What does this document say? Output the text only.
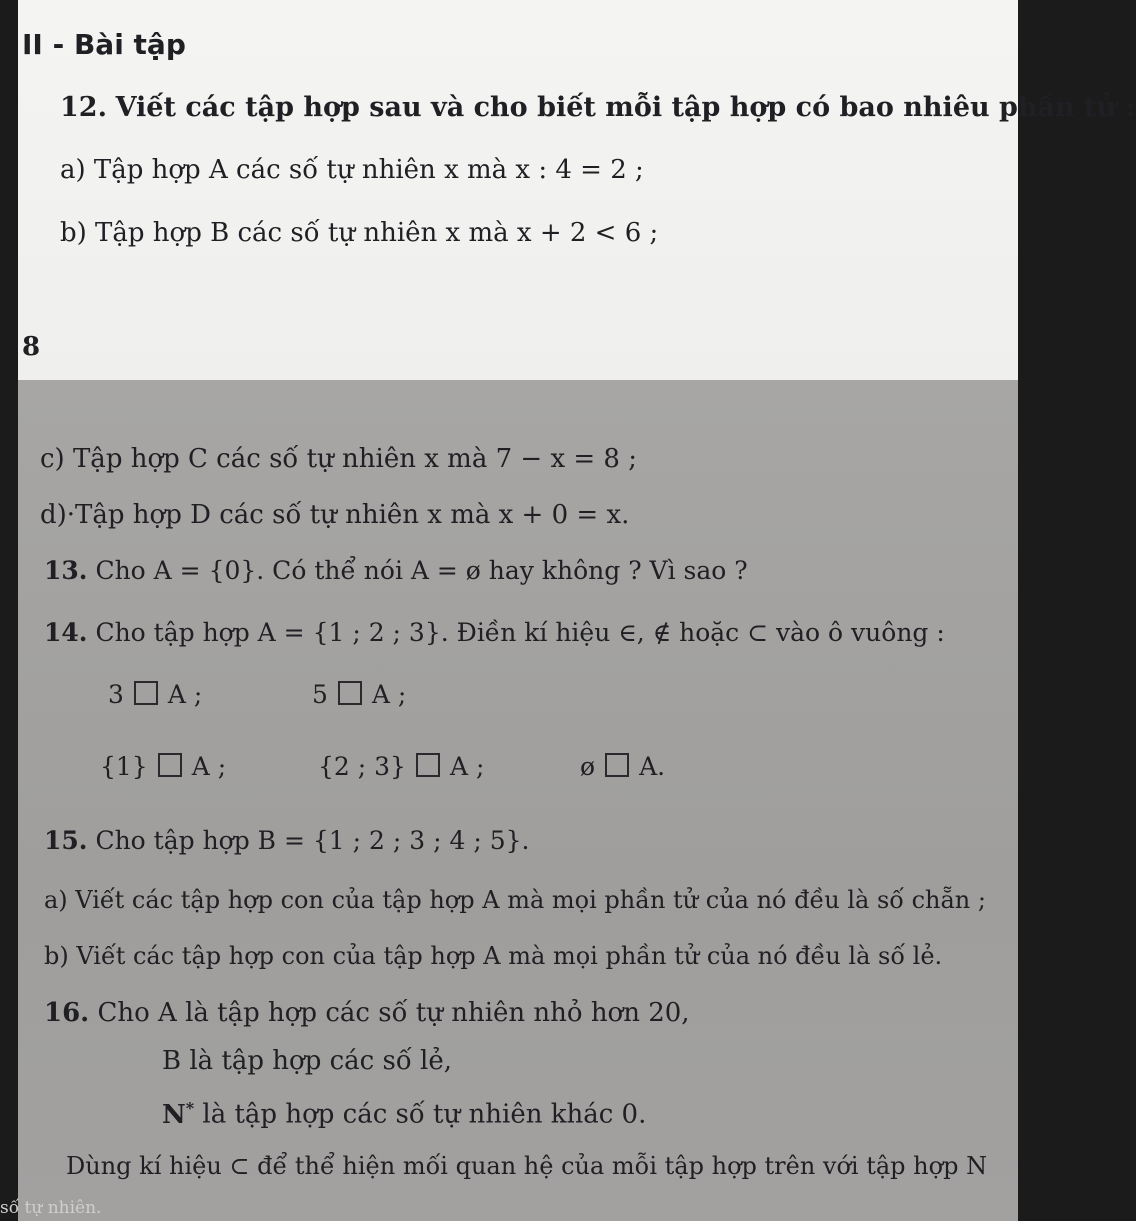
II - Bài tập
12. Viết các tập hợp sau và cho biết mỗi tập hợp có bao nhiêu phần tử :
a) Tập hợp A các số tự nhiên x mà x : 4 = 2 ;
b) Tập hợp B các số tự nhiên x mà x + 2 < 6 ;
8
c) Tập hợp C các số tự nhiên x mà 7 − x = 8 ;
d)·Tập hợp D các số tự nhiên x mà x + 0 = x.
13. Cho A = {0}. Có thể nói A = ø hay không ? Vì sao ?
14. Cho tập hợp A = {1 ; 2 ; 3}. Điền kí hiệu ∈, ∉ hoặc ⊂ vào ô vuông :
3 A ;	5 A ;
{1} A ;	{2 ; 3} A ;	ø A.
15. Cho tập hợp B = {1 ; 2 ; 3 ; 4 ; 5}.
a) Viết các tập hợp con của tập hợp A mà mọi phần tử của nó đều là số chẵn ;
b) Viết các tập hợp con của tập hợp A mà mọi phần tử của nó đều là số lẻ.
16. Cho A là tập hợp các số tự nhiên nhỏ hơn 20,
B là tập hợp các số lẻ,
N* là tập hợp các số tự nhiên khác 0.
Dùng kí hiệu ⊂ để thể hiện mối quan hệ của mỗi tập hợp trên với tập hợp N
số tự nhiên.
